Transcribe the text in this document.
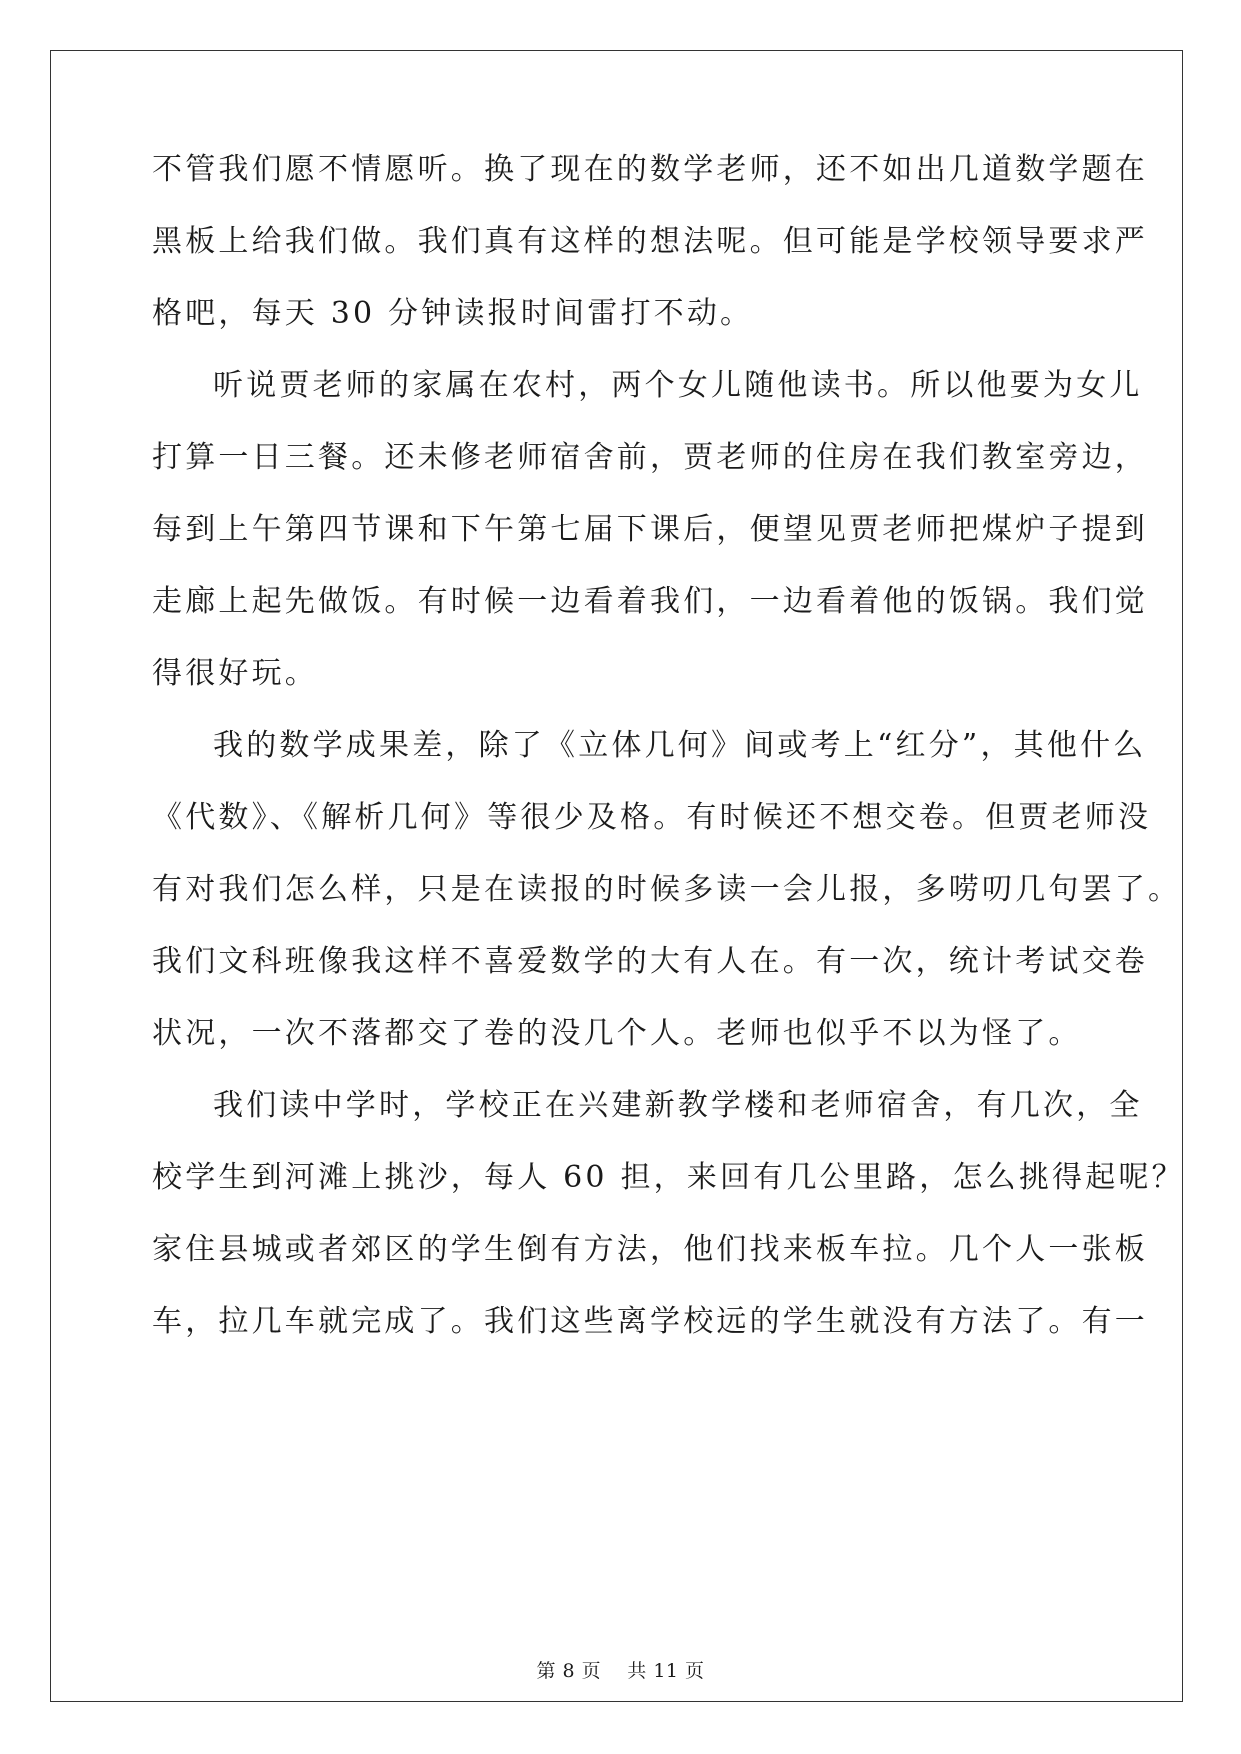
不管我们愿不情愿听。换了现在的数学老师，还不如出几道数学题在
黑板上给我们做。我们真有这样的想法呢。但可能是学校领导要求严
格吧，每天 30 分钟读报时间雷打不动。
听说贾老师的家属在农村，两个女儿随他读书。所以他要为女儿
打算一日三餐。还未修老师宿舍前，贾老师的住房在我们教室旁边，
每到上午第四节课和下午第七届下课后，便望见贾老师把煤炉子提到
走廊上起先做饭。有时候一边看着我们，一边看着他的饭锅。我们觉
得很好玩。
我的数学成果差，除了《立体几何》间或考上“红分”，其他什么
《代数》、《解析几何》等很少及格。有时候还不想交卷。但贾老师没
有对我们怎么样，只是在读报的时候多读一会儿报，多唠叨几句罢了。
我们文科班像我这样不喜爱数学的大有人在。有一次，统计考试交卷
状况，一次不落都交了卷的没几个人。老师也似乎不以为怪了。
我们读中学时，学校正在兴建新教学楼和老师宿舍，有几次，全
校学生到河滩上挑沙，每人 60 担，来回有几公里路，怎么挑得起呢？
家住县城或者郊区的学生倒有方法，他们找来板车拉。几个人一张板
车，拉几车就完成了。我们这些离学校远的学生就没有方法了。有一
第 8 页 共 11 页
